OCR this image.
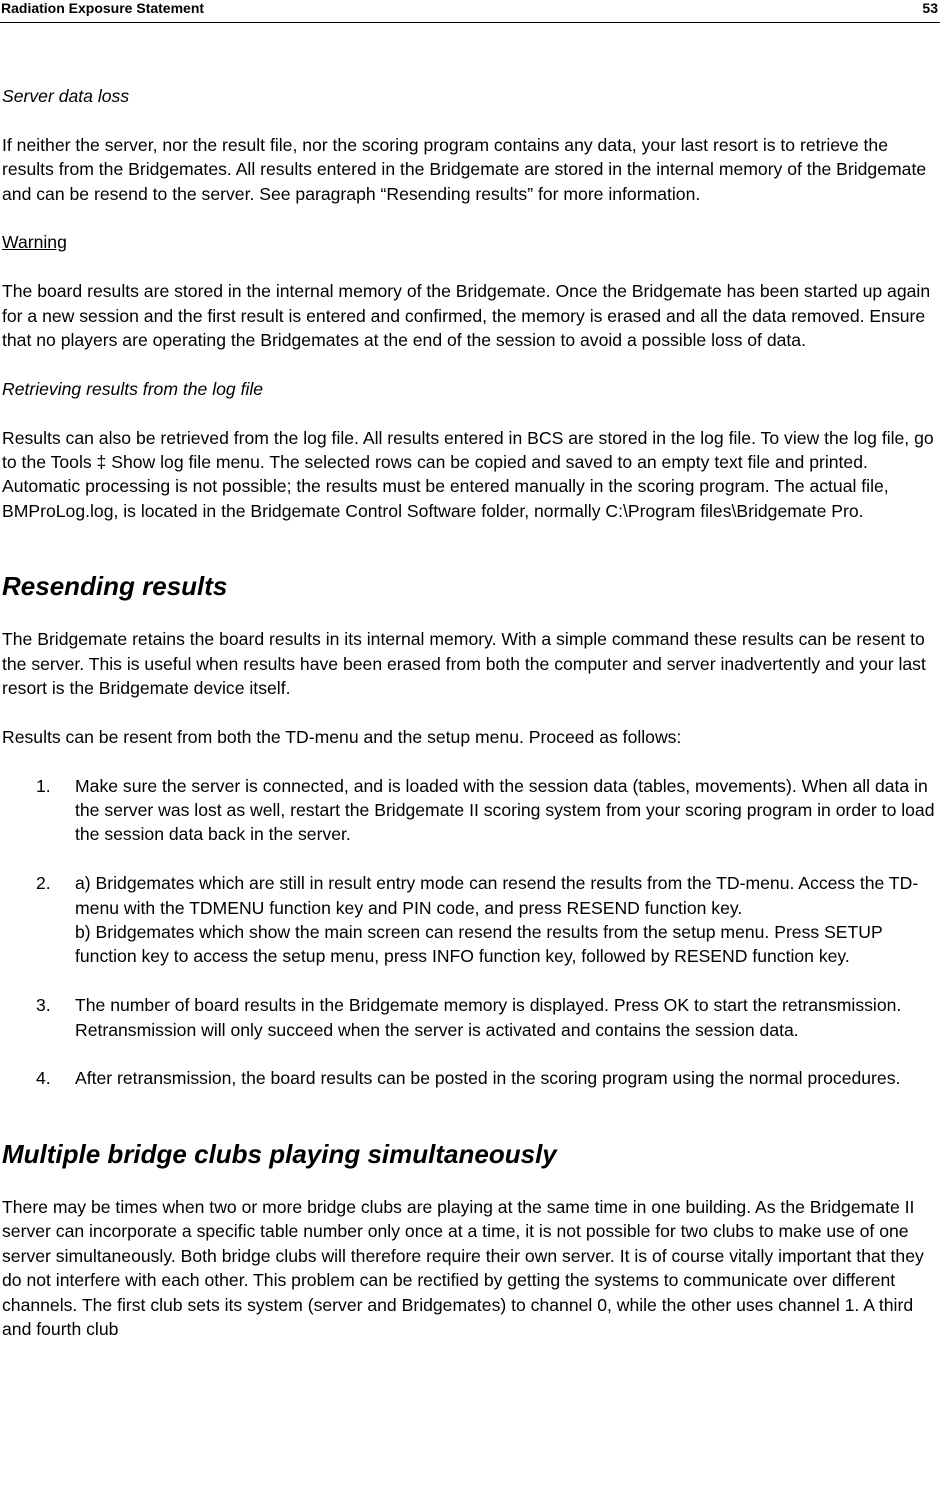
Radiation Exposure Statement	53

Server data loss

If neither the server, nor the result file, nor the scoring program contains any data, your last resort is to retrieve the results from the Bridgemates. All results entered in the Bridgemate are stored in the internal memory of the Bridgemate and can be resend to the server. See paragraph “Resending results” for more information.

Warning

The board results are stored in the internal memory of the Bridgemate. Once the Bridgemate has been started up again for a new session and the first result is entered and confirmed, the memory is erased and all the data removed. Ensure that no players are operating the Bridgemates at the end of the session to avoid a possible loss of data.

Retrieving results from the log file

Results can also be retrieved from the log file. All results entered in BCS are stored in the log file. To view the log file, go to the Tools ‡ Show log file menu. The selected rows can be copied and saved to an empty text file and printed. Automatic processing is not possible; the results must be entered manually in the scoring program. The actual file, BMProLog.log, is located in the Bridgemate Control Software folder, normally C:\Program files\Bridgemate Pro.

Resending results

The Bridgemate retains the board results in its internal memory. With a simple command these results can be resent to the server. This is useful when results have been erased from both the computer and server inadvertently and your last resort is the Bridgemate device itself.

Results can be resent from both the TD-menu and the setup menu. Proceed as follows:

1. Make sure the server is connected, and is loaded with the session data (tables, movements). When all data in the server was lost as well, restart the Bridgemate II scoring system from your scoring program in order to load the session data back in the server.
2. a) Bridgemates which are still in result entry mode can resend the results from the TD-menu. Access the TD-menu with the TDMENU function key and PIN code, and press RESEND function key.
b) Bridgemates which show the main screen can resend the results from the setup menu. Press SETUP function key to access the setup menu, press INFO function key, followed by RESEND function key.
3. The number of board results in the Bridgemate memory is displayed. Press OK to start the retransmission. Retransmission will only succeed when the server is activated and contains the session data.
4. After retransmission, the board results can be posted in the scoring program using the normal procedures.
Multiple bridge clubs playing simultaneously

There may be times when two or more bridge clubs are playing at the same time in one building. As the Bridgemate II server can incorporate a specific table number only once at a time, it is not possible for two clubs to make use of one server simultaneously. Both bridge clubs will therefore require their own server. It is of course vitally important that they do not interfere with each other. This problem can be rectified by getting the systems to communicate over different channels. The first club sets its system (server and Bridgemates) to channel 0, while the other uses channel 1. A third and fourth club
